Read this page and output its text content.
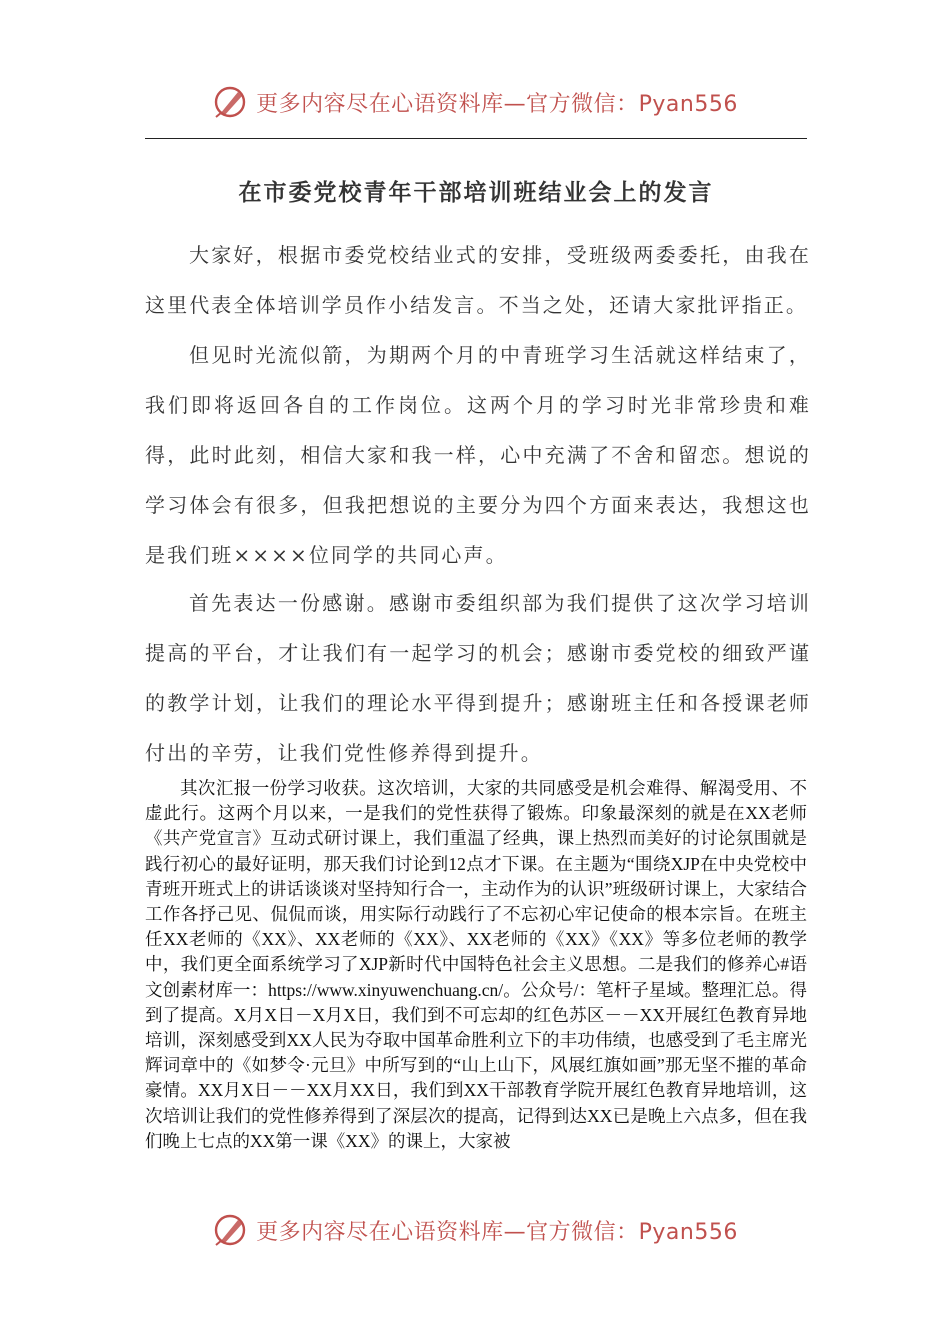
更多内容尽在心语资料库—官方微信：Pyan556
在市委党校青年干部培训班结业会上的发言

大家好，根据市委党校结业式的安排，受班级两委委托，由我在这里代表全体培训学员作小结发言。不当之处，还请大家批评指正。

但见时光流似箭，为期两个月的中青班学习生活就这样结束了，我们即将返回各自的工作岗位。这两个月的学习时光非常珍贵和难得，此时此刻，相信大家和我一样，心中充满了不舍和留恋。想说的学习体会有很多，但我把想说的主要分为四个方面来表达，我想这也是我们班××××位同学的共同心声。

首先表达一份感谢。感谢市委组织部为我们提供了这次学习培训提高的平台，才让我们有一起学习的机会；感谢市委党校的细致严谨的教学计划，让我们的理论水平得到提升；感谢班主任和各授课老师付出的辛劳，让我们党性修养得到提升。

其次汇报一份学习收获。这次培训，大家的共同感受是机会难得、解渴受用、不虚此行。这两个月以来，一是我们的党性获得了锻炼。印象最深刻的就是在XX老师《共产党宣言》互动式研讨课上，我们重温了经典，课上热烈而美好的讨论氛围就是践行初心的最好证明，那天我们讨论到12点才下课。在主题为“围绕XJP在中央党校中青班开班式上的讲话谈谈对坚持知行合一，主动作为的认识”班级研讨课上，大家结合工作各抒己见、侃侃而谈，用实际行动践行了不忘初心牢记使命的根本宗旨。在班主任XX老师的《XX》、XX老师的《XX》、XX老师的《XX》《XX》等多位老师的教学中，我们更全面系统学习了XJP新时代中国特色社会主义思想。二是我们的修养心#语文创素材库一：https://www.xinyuwenchuang.cn/。公众号/：笔杆子星域。整理汇总。得到了提高。X月X日－X月X日，我们到不可忘却的红色苏区－－XX开展红色教育异地培训，深刻感受到XX人民为夺取中国革命胜利立下的丰功伟绩，也感受到了毛主席光辉词章中的《如梦令·元旦》中所写到的“山上山下，风展红旗如画”那无坚不摧的革命豪情。XX月X日－－XX月XX日，我们到XX干部教育学院开展红色教育异地培训，这次培训让我们的党性修养得到了深层次的提高，记得到达XX已是晚上六点多，但在我们晚上七点的XX第一课《XX》的课上，大家被

更多内容尽在心语资料库—官方微信：Pyan556
